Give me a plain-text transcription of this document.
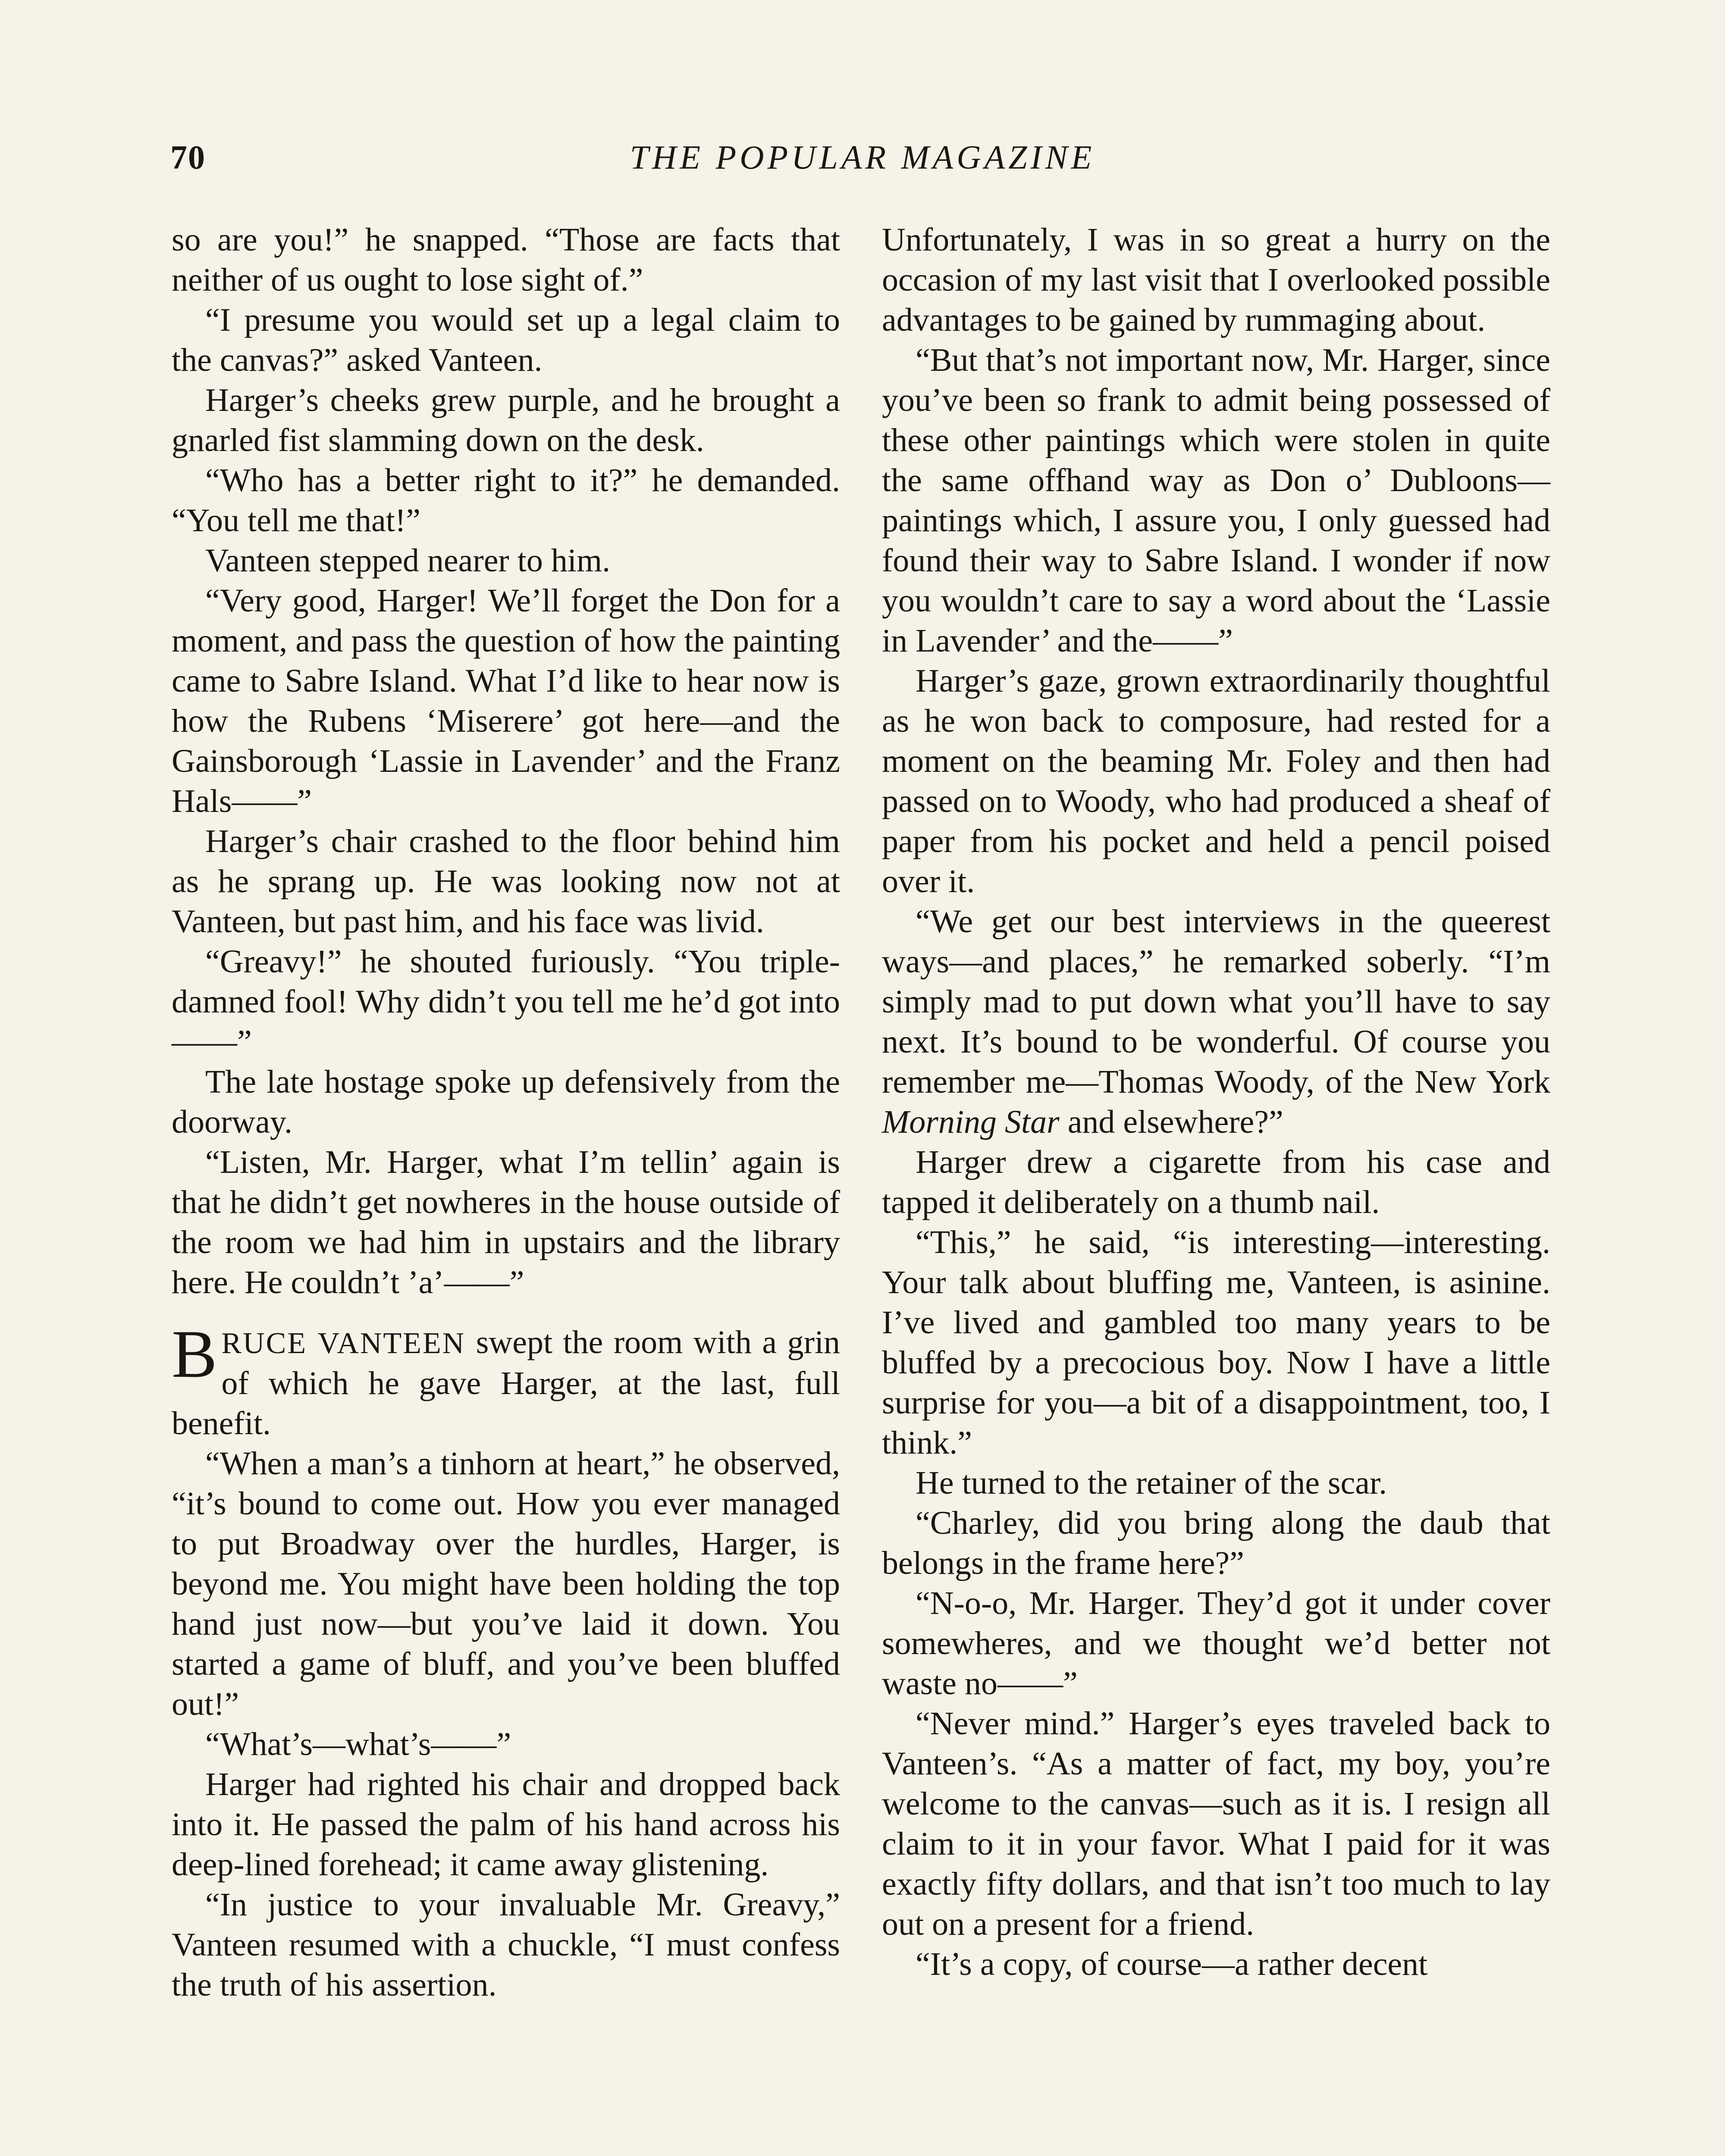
70	THE POPULAR MAGAZINE

so are you!” he snapped. “Those are facts that neither of us ought to lose sight of.”

“I presume you would set up a legal claim to the canvas?” asked Vanteen.

Harger’s cheeks grew purple, and he brought a gnarled fist slamming down on the desk.

“Who has a better right to it?” he demanded. “You tell me that!”

Vanteen stepped nearer to him.

“Very good, Harger! We’ll forget the Don for a moment, and pass the question of how the painting came to Sabre Island. What I’d like to hear now is how the Rubens ‘Miserere’ got here—and the Gainsborough ‘Lassie in Lavender’ and the Franz Hals——”

Harger’s chair crashed to the floor behind him as he sprang up. He was looking now not at Vanteen, but past him, and his face was livid.

“Greavy!” he shouted furiously. “You triple-damned fool! Why didn’t you tell me he’d got into——”

The late hostage spoke up defensively from the doorway.

“Listen, Mr. Harger, what I’m tellin’ again is that he didn’t get nowheres in the house outside of the room we had him in upstairs and the library here. He couldn’t ’a’——”

BRUCE VANTEEN swept the room with a grin of which he gave Harger, at the last, full benefit.

“When a man’s a tinhorn at heart,” he observed, “it’s bound to come out. How you ever managed to put Broadway over the hurdles, Harger, is beyond me. You might have been holding the top hand just now—but you’ve laid it down. You started a game of bluff, and you’ve been bluffed out!”

“What’s—what’s——”

Harger had righted his chair and dropped back into it. He passed the palm of his hand across his deep-lined forehead; it came away glistening.

“In justice to your invaluable Mr. Greavy,” Vanteen resumed with a chuckle, “I must confess the truth of his assertion.

Unfortunately, I was in so great a hurry on the occasion of my last visit that I overlooked possible advantages to be gained by rummaging about.

“But that’s not important now, Mr. Harger, since you’ve been so frank to admit being possessed of these other paintings which were stolen in quite the same offhand way as Don o’ Dubloons—paintings which, I assure you, I only guessed had found their way to Sabre Island. I wonder if now you wouldn’t care to say a word about the ‘Lassie in Lavender’ and the——”

Harger’s gaze, grown extraordinarily thoughtful as he won back to composure, had rested for a moment on the beaming Mr. Foley and then had passed on to Woody, who had produced a sheaf of paper from his pocket and held a pencil poised over it.

“We get our best interviews in the queerest ways—and places,” he remarked soberly. “I’m simply mad to put down what you’ll have to say next. It’s bound to be wonderful. Of course you remember me—Thomas Woody, of the New York Morning Star and elsewhere?”

Harger drew a cigarette from his case and tapped it deliberately on a thumb nail.

“This,” he said, “is interesting—interesting. Your talk about bluffing me, Vanteen, is asinine. I’ve lived and gambled too many years to be bluffed by a precocious boy. Now I have a little surprise for you—a bit of a disappointment, too, I think.”

He turned to the retainer of the scar.

“Charley, did you bring along the daub that belongs in the frame here?”

“N-o-o, Mr. Harger. They’d got it under cover somewheres, and we thought we’d better not waste no——”

“Never mind.” Harger’s eyes traveled back to Vanteen’s. “As a matter of fact, my boy, you’re welcome to the canvas—such as it is. I resign all claim to it in your favor. What I paid for it was exactly fifty dollars, and that isn’t too much to lay out on a present for a friend.

“It’s a copy, of course—a rather decent
